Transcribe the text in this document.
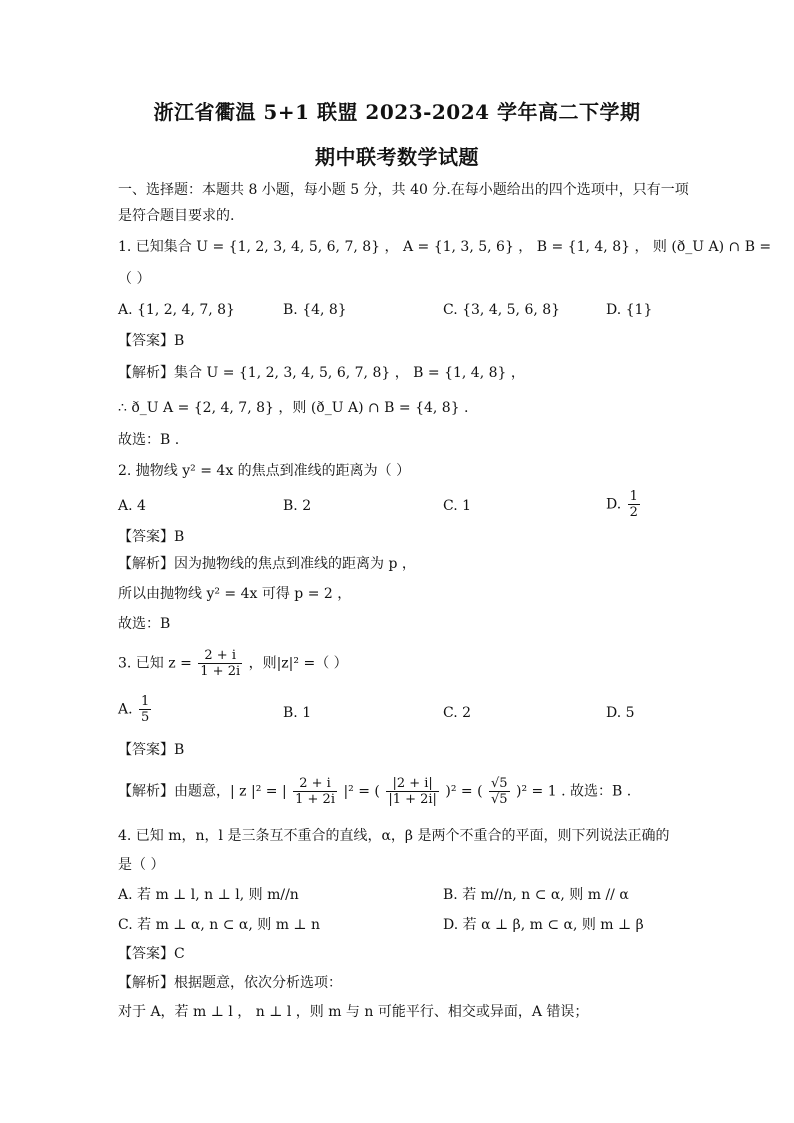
浙江省衢温 5+1 联盟 2023-2024 学年高二下学期
期中联考数学试题
一、选择题：本题共 8 小题，每小题 5 分，共 40 分.在每小题给出的四个选项中，只有一项
是符合题目要求的.
1. 已知集合 U = {1, 2, 3, 4, 5, 6, 7, 8} ， A = {1, 3, 5, 6} ， B = {1, 4, 8} ， 则 (ð_U A) ∩ B =
（ ）
A. {1, 2, 4, 7, 8}	B. {4, 8}	C. {3, 4, 5, 6, 8}	D. {1}
【答案】B
【解析】集合 U = {1, 2, 3, 4, 5, 6, 7, 8} ， B = {1, 4, 8} ，
∴ ð_U A = {2, 4, 7, 8} ，则 (ð_U A) ∩ B = {4, 8} .
故选：B .
2. 抛物线 y² = 4x 的焦点到准线的距离为（ ）
A. 4	B. 2	C. 1	D. $\frac{1}{2}$
【答案】B
【解析】因为抛物线的焦点到准线的距离为 p ，
所以由抛物线 y² = 4x 可得 p = 2 ，
故选：B
3. 已知 $z = \frac{2 + i}{1 + 2i}$ ，则|z|² =（ ）
A. $\frac{1}{5}$	B. 1	C. 2	D. 5
【答案】B
【解析】由题意，| z |² = | $\frac{2 + i}{1 + 2i} |^2$ = ( $\frac{|2 + i|}{|1 + 2i|} )^2$ = ( $\frac{√5}{√5} )^2 = 1$ . 故选：B .
4. 已知 m，n，l 是三条互不重合的直线，α，β 是两个不重合的平面，则下列说法正确的
是（ ）
A. 若 m ⊥ l, n ⊥ l, 则 m//n	B. 若 m//n, n ⊂ α, 则 m // α
C. 若 m ⊥ α, n ⊂ α, 则 m ⊥ n	D. 若 α ⊥ β, m ⊂ α, 则 m ⊥ β
【答案】C
【解析】根据题意，依次分析选项：
对于 A，若 m ⊥ l ， n ⊥ l ，则 m 与 n 可能平行、相交或异面，A 错误；
